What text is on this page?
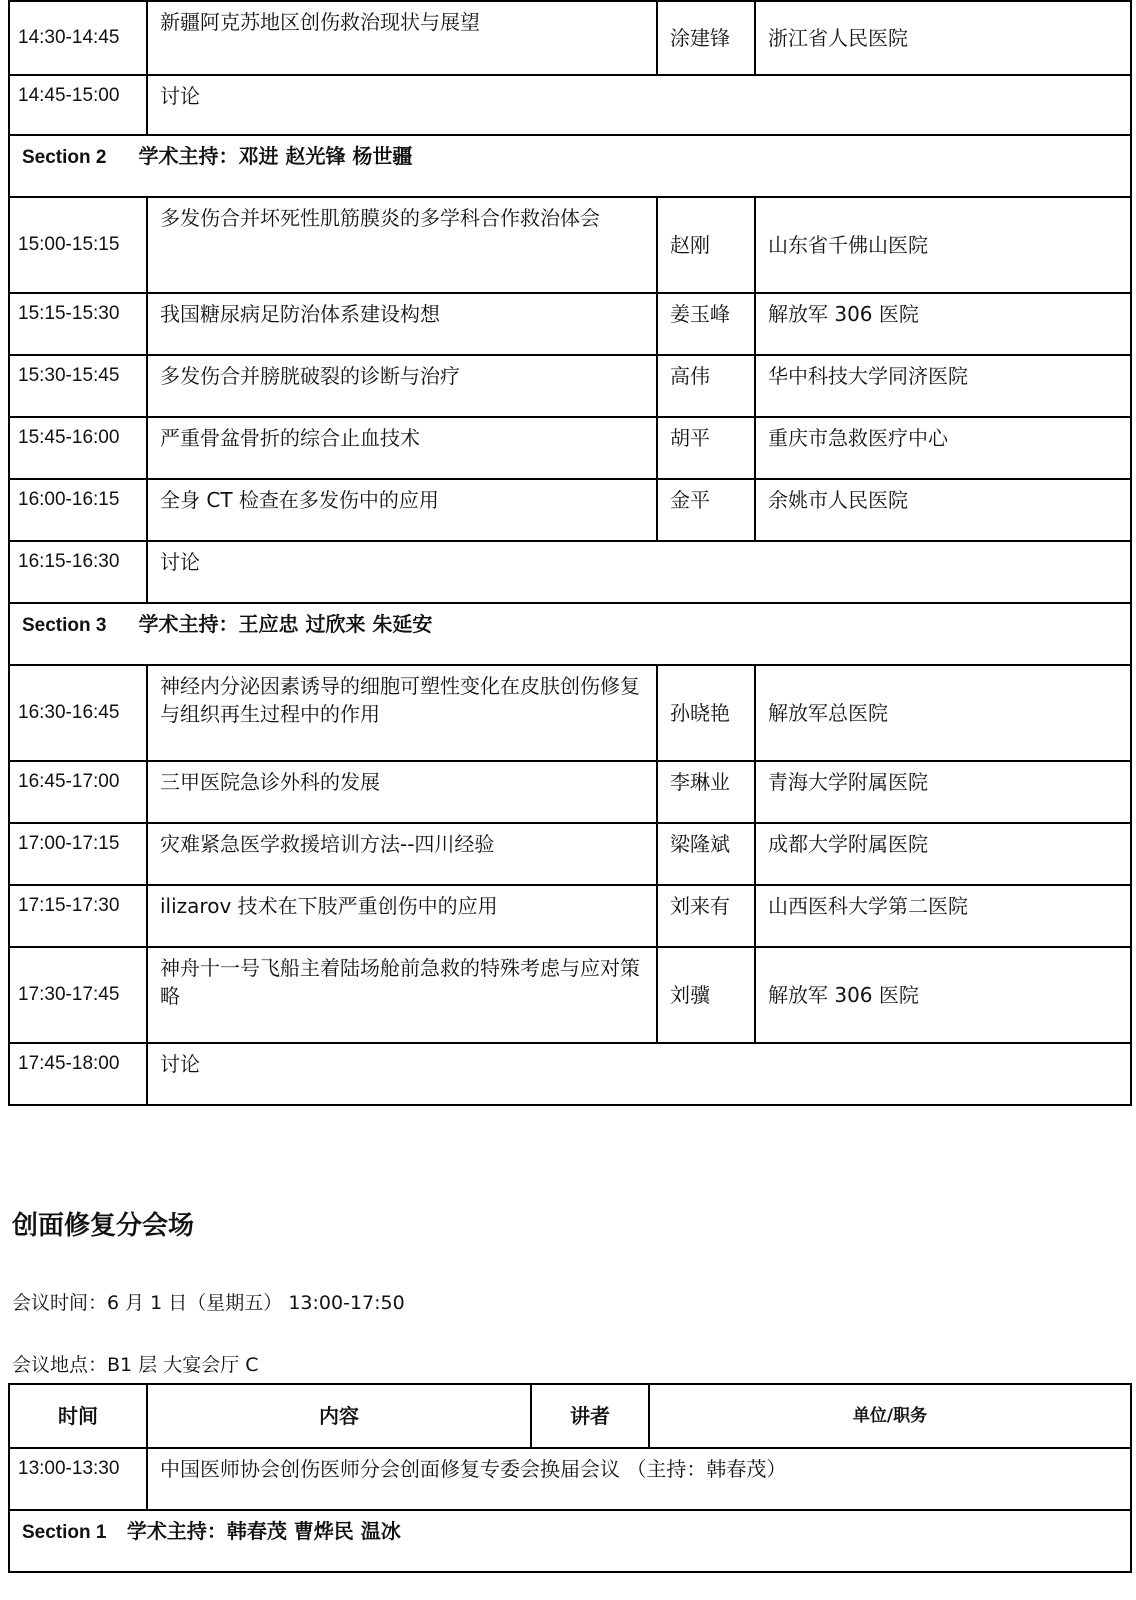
14:30-14:45	新疆阿克苏地区创伤救治现状与展望	涂建锋	浙江省人民医院
14:45-15:00	讨论		
Section 2 学术主持：邓进 赵光锋 杨世疆			
15:00-15:15	多发伤合并坏死性肌筋膜炎的多学科合作救治体会	赵刚	山东省千佛山医院
15:15-15:30	我国糖尿病足防治体系建设构想	姜玉峰	解放军 306 医院
15:30-15:45	多发伤合并膀胱破裂的诊断与治疗	高伟	华中科技大学同济医院
15:45-16:00	严重骨盆骨折的综合止血技术	胡平	重庆市急救医疗中心
16:00-16:15	全身 CT 检查在多发伤中的应用	金平	余姚市人民医院
16:15-16:30	讨论		
Section 3 学术主持：王应忠 过欣来 朱延安			
16:30-16:45	神经内分泌因素诱导的细胞可塑性变化在皮肤创伤修复与组织再生过程中的作用	孙晓艳	解放军总医院
16:45-17:00	三甲医院急诊外科的发展	李琳业	青海大学附属医院
17:00-17:15	灾难紧急医学救援培训方法--四川经验	梁隆斌	成都大学附属医院
17:15-17:30	ilizarov 技术在下肢严重创伤中的应用	刘来有	山西医科大学第二医院
17:30-17:45	神舟十一号飞船主着陆场舱前急救的特殊考虑与应对策略	刘骥	解放军 306 医院
17:45-18:00	讨论		
创面修复分会场

会议时间：6 月 1 日（星期五） 13:00-17:50

会议地点：B1 层 大宴会厅 C

时间	内容	讲者	单位/职务
13:00-13:30	中国医师协会创伤医师分会创面修复专委会换届会议 （主持：韩春茂）		
Section 1 学术主持：韩春茂 曹烨民 温冰			
